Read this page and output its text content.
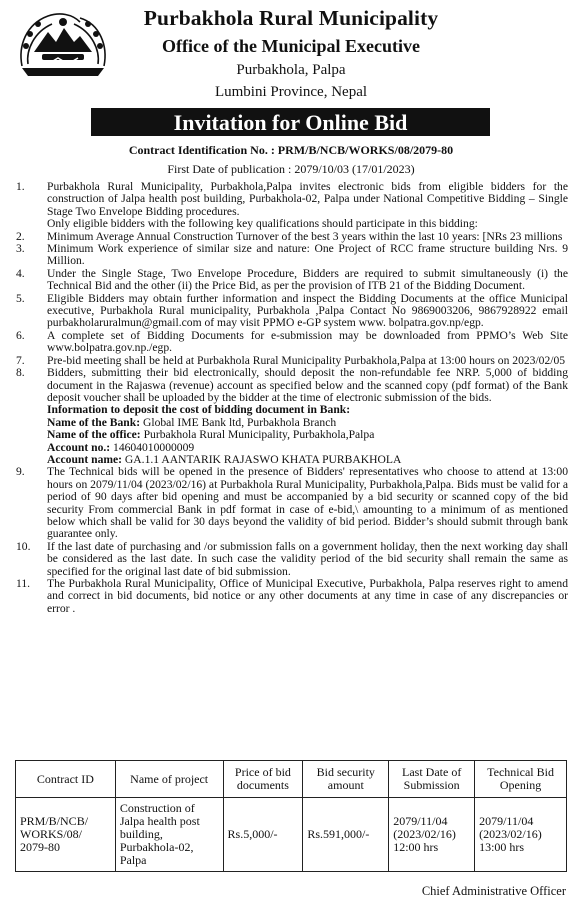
Purbakhola Rural Municipality
Office of the Municipal Executive
Purbakhola, Palpa
Lumbini Province, Nepal
Invitation for Online Bid
Contract Identification No. : PRM/B/NCB/WORKS/08/2079-80
First Date of publication : 2079/10/03 (17/01/2023)
1. Purbakhola Rural Municipality, Purbakhola,Palpa invites electronic bids from eligible bidders for the construction of Jalpa health post building, Purbakhola-02, Palpa under National Competitive Bidding – Single Stage Two Envelope Bidding procedures.
Only eligible bidders with the following key qualifications should participate in this bidding:
2. Minimum Average Annual Construction Turnover of the best 3 years within the last 10 years: [NRs 23 millions
3. Minimum Work experience of similar size and nature: One Project of RCC frame structure building Nrs. 9 Million.
4. Under the Single Stage, Two Envelope Procedure, Bidders are required to submit simultaneously (i) the Technical Bid and the other (ii) the Price Bid, as per the provision of ITB 21 of the Bidding Document.
5. Eligible Bidders may obtain further information and inspect the Bidding Documents at the office Municipal executive, Purbakhola Rural municipality, Purbakhola ,Palpa Contact No 9869003206, 9867928922 email purbakholaruralmun@gmail.com of may visit PPMO e-GP system www. bolpatra.gov.np/egp.
6. A complete set of Bidding Documents for e-submission may be downloaded from PPMO’s Web Site www.bolpatra.gov.np./egp.
7. Pre-bid meeting shall be held at Purbakhola Rural Municipality Purbakhola,Palpa at 13:00 hours on 2023/02/05
8. Bidders, submitting their bid electronically, should deposit the non-refundable fee NRP. 5,000 of bidding document in the Rajaswa (revenue) account as specified below and the scanned copy (pdf format) of the Bank deposit voucher shall be uploaded by the bidder at the time of electronic submission of the bids.
Information to deposit the cost of bidding document in Bank:
Name of the Bank: Global IME Bank ltd, Purbakhola Branch
Name of the office: Purbakhola Rural Municipality, Purbakhola,Palpa
Account no.: 14604010000009
Account name: GA.1.1 AANTARIK RAJASWO KHATA PURBAKHOLA
9. The Technical bids will be opened in the presence of Bidders' representatives who choose to attend at 13:00 hours on 2079/11/04 (2023/02/16) at Purbakhola Rural Municipality, Purbakhola,Palpa. Bids must be valid for a period of 90 days after bid opening and must be accompanied by a bid security or scanned copy of the bid security From commercial Bank in pdf format in case of e-bid,\ amounting to a minimum of as mentioned below which shall be valid for 30 days beyond the validity of bid period. Bidder’s should submit through bank guarantee only.
10. If the last date of purchasing and /or submission falls on a government holiday, then the next working day shall be considered as the last date. In such case the validity period of the bid security shall remain the same as specified for the original last date of bid submission.
11. The Purbakhola Rural Municipality, Office of Municipal Executive, Purbakhola, Palpa reserves right to amend and correct in bid documents, bid notice or any other documents at any time in case of any discrepancies or error .
Contract ID	Name of project	Price of bid documents	Bid security amount	Last Date of Submission	Technical Bid Opening
PRM/B/NCB/ WORKS/08/ 2079-80	Construction of Jalpa health post building, Purbakhola-02, Palpa	Rs.5,000/-	Rs.591,000/-	2079/11/04 (2023/02/16) 12:00 hrs	2079/11/04 (2023/02/16) 13:00 hrs
Chief Administrative Officer
